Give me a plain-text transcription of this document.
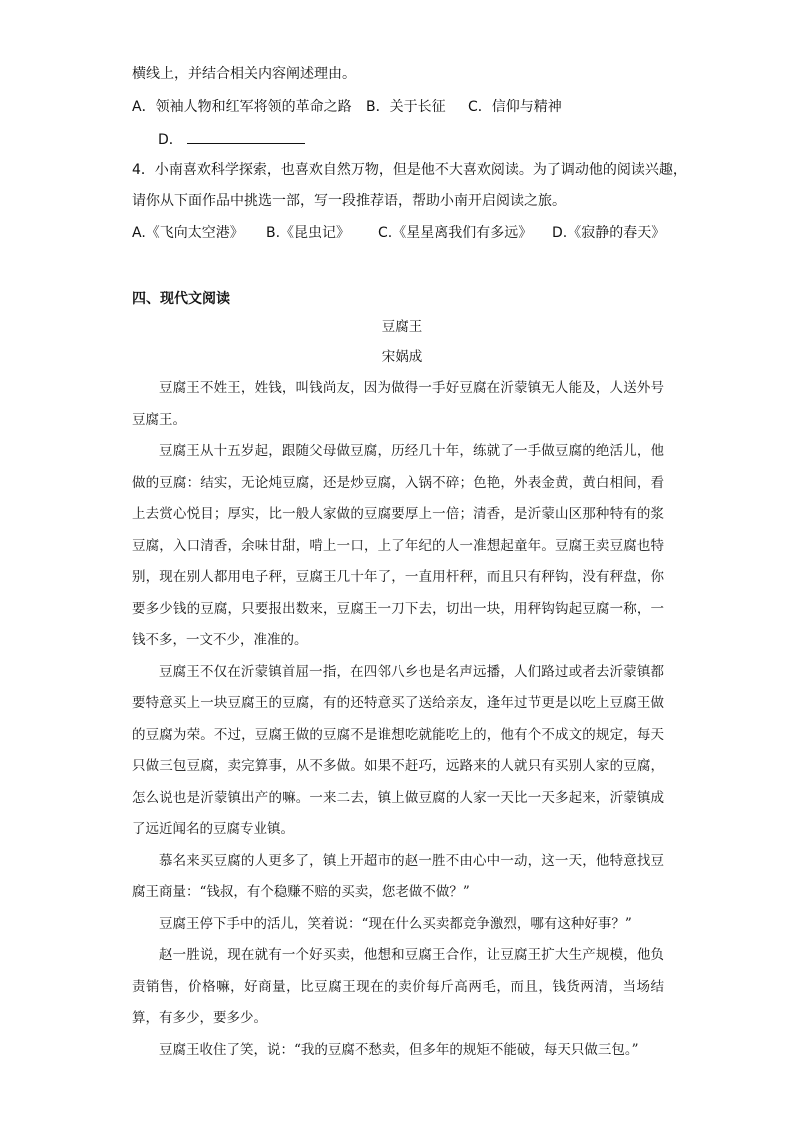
横线上，并结合相关内容阐述理由。
A．领袖人物和红军将领的革命之路 B．关于长征 C．信仰与精神
D．
4．小南喜欢科学探索，也喜欢自然万物，但是他不大喜欢阅读。为了调动他的阅读兴趣，
请你从下面作品中挑选一部，写一段推荐语，帮助小南开启阅读之旅。
A.《飞向太空港》 B.《昆虫记》 C.《星星离我们有多远》 D.《寂静的春天》
四、现代文阅读
豆腐王
宋娲成

豆腐王不姓王，姓钱，叫钱尚友，因为做得一手好豆腐在沂蒙镇无人能及，人送外号豆腐王。

豆腐王从十五岁起，跟随父母做豆腐，历经几十年，练就了一手做豆腐的绝活儿，他做的豆腐：结实，无论炖豆腐，还是炒豆腐，入锅不碎；色艳，外表金黄，黄白相间，看上去赏心悦目；厚实，比一般人家做的豆腐要厚上一倍；清香，是沂蒙山区那种特有的浆豆腐，入口清香，余味甘甜，啃上一口，上了年纪的人一准想起童年。豆腐王卖豆腐也特别，现在别人都用电子秤，豆腐王几十年了，一直用杆秤，而且只有秤钩，没有秤盘，你要多少钱的豆腐，只要报出数来，豆腐王一刀下去，切出一块，用秤钩钩起豆腐一称，一钱不多，一文不少，准准的。

豆腐王不仅在沂蒙镇首屈一指，在四邻八乡也是名声远播，人们路过或者去沂蒙镇都要特意买上一块豆腐王的豆腐，有的还特意买了送给亲友，逢年过节更是以吃上豆腐王做的豆腐为荣。不过，豆腐王做的豆腐不是谁想吃就能吃上的，他有个不成文的规定，每天只做三包豆腐，卖完算事，从不多做。如果不赶巧，远路来的人就只有买别人家的豆腐，怎么说也是沂蒙镇出产的嘛。一来二去，镇上做豆腐的人家一天比一天多起来，沂蒙镇成了远近闻名的豆腐专业镇。

慕名来买豆腐的人更多了，镇上开超市的赵一胜不由心中一动，这一天，他特意找豆腐王商量：“钱叔，有个稳赚不赔的买卖，您老做不做？”

豆腐王停下手中的活儿，笑着说：“现在什么买卖都竞争激烈，哪有这种好事？”

赵一胜说，现在就有一个好买卖，他想和豆腐王合作，让豆腐王扩大生产规模，他负责销售，价格嘛，好商量，比豆腐王现在的卖价每斤高两毛，而且，钱货两清，当场结算，有多少，要多少。

豆腐王收住了笑，说：“我的豆腐不愁卖，但多年的规矩不能破，每天只做三包。”
